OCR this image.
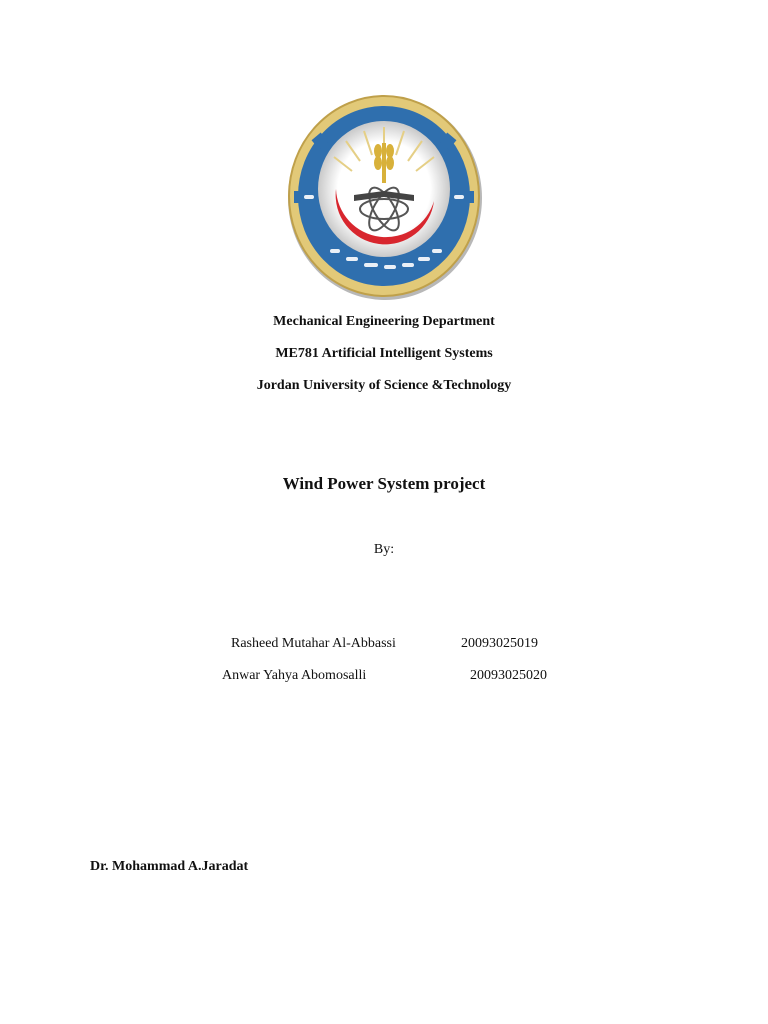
Mechanical Engineering Department
ME781 Artificial Intelligent Systems
Jordan University of Science &Technology
Wind Power System project
By:
Rasheed Mutahar Al-Abbassi	20093025019
Anwar Yahya Abomosalli	20093025020
Dr. Mohammad A.Jaradat
